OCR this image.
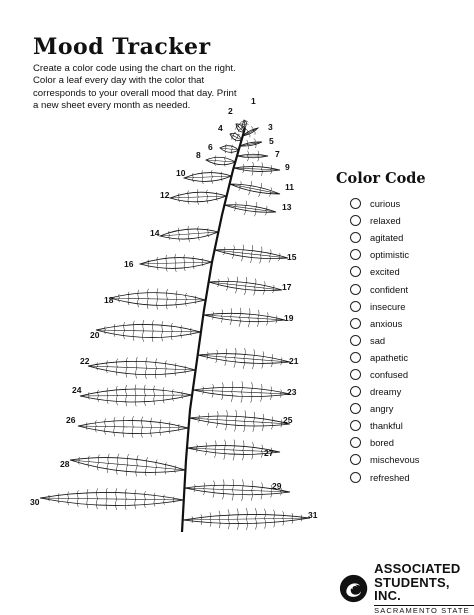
Mood Tracker

Create a color code using the chart on the right. Color a leaf every day with the color that corresponds to your overall mood that day. Print a new sheet every month as needed.	1
2
3
4
5
6
7
8
9
10
11
12
13
14
15
16
17
18
19
20
21
22
23
24
25
26
27
28
29
30
31
Color Code
curious
relaxed
agitated
optimistic
excited
confident
insecure
anxious
sad
apathetic
confused
dreamy
angry
thankful
bored
mischevous
refreshed
ASSOCIATED
STUDENTS, INC.
SACRAMENTO STATE
